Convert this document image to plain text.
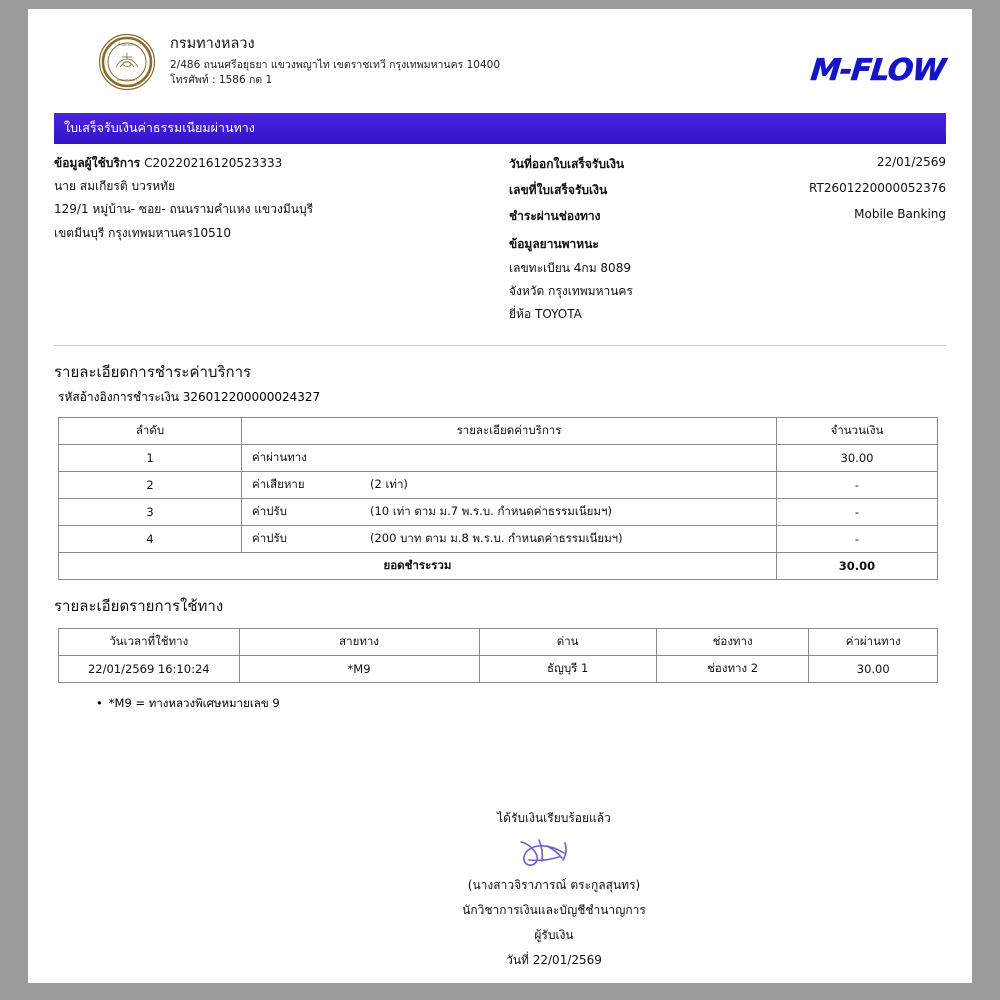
กรมทางหลวง
DEPARTMENT
กรมทางหลวง
2/486 ถนนศรีอยุธยา แขวงพญาไท เขตราชเทวี กรุงเทพมหานคร 10400
โทรศัพท์ : 1586 กด 1	M-FLOW
ใบเสร็จรับเงินค่าธรรมเนียมผ่านทาง
ข้อมูลผู้ใช้บริการ C20220216120523333
นาย สมเกียรติ บวรหทัย
129/1 หมู่บ้าน- ซอย- ถนนรามคำแหง แขวงมีนบุรี
เขตมีนบุรี กรุงเทพมหานคร10510
วันที่ออกใบเสร็จรับเงิน	22/01/2569
เลขที่ใบเสร็จรับเงิน	RT2601220000052376
ชำระผ่านช่องทาง	Mobile Banking
ข้อมูลยานพาหนะ
เลขทะเบียน 4กม 8089
จังหวัด กรุงเทพมหานคร
ยี่ห้อ TOYOTA
รายละเอียดการชำระค่าบริการ
รหัสอ้างอิงการชำระเงิน 326012200000024327
ลำดับ	รายละเอียดค่าบริการ	จำนวนเงิน
1	ค่าผ่านทาง	30.00
2	ค่าเสียหาย (2 เท่า)	-
3	ค่าปรับ (10 เท่า ตาม ม.7 พ.ร.บ. กำหนดค่าธรรมเนียมฯ)	-
4	ค่าปรับ (200 บาท ตาม ม.8 พ.ร.บ. กำหนดค่าธรรมเนียมฯ)	-
ยอดชำระรวม		30.00
รายละเอียดรายการใช้ทาง
วันเวลาที่ใช้ทาง	สายทาง	ด่าน	ช่องทาง	ค่าผ่านทาง
22/01/2569 16:10:24	*M9	ธัญบุรี 1	ช่องทาง 2	30.00
• *M9 = ทางหลวงพิเศษหมายเลข 9
ได้รับเงินเรียบร้อยแล้ว
(นางสาวจิราภารณ์ ตระกูลสุนทร)
นักวิชาการเงินและบัญชีชำนาญการ
ผู้รับเงิน
วันที่ 22/01/2569
